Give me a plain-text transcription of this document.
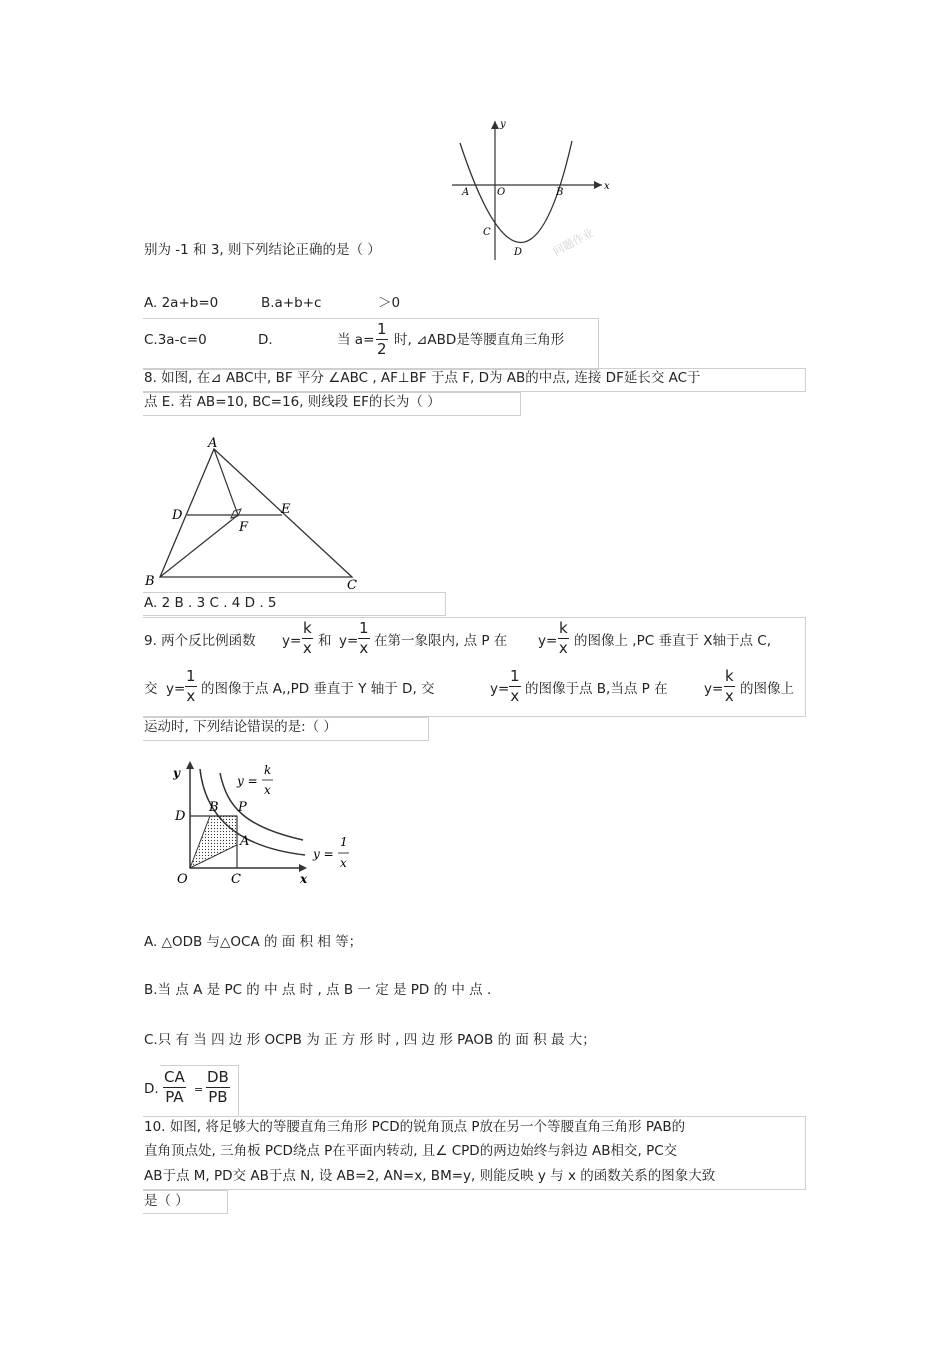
y
x
O
A	B
C
D	问题作业
别为 -1 和 3, 则下列结论正确的是（ ）
A. 2a+b=0	B.a+b+c	＞0
C.3a-c=0	D.	当 $a= \frac{1}{2}$ 时, ⊿ABD是等腰直角三角形
8. 如图, 在⊿ ABC中, BF 平分 ∠ABC , AF⊥BF 于点 F, D为 AB的中点, 连接 DF延长交 AC于
点 E. 若 AB=10, BC=16, 则线段 EF的长为（ ）
A
B	C
D	E
F
A. 2 B . 3 C . 4 D . 5
9. 两个反比例函数 $y= \frac{k}{x}$ 和 $y= \frac{1}{x}$ 在第一象限内, 点 P 在 $y= \frac{k}{x}$ 的图像上 ,PC 垂直于 X轴于点 C,
交 $y= \frac{1}{x}$ 的图像于点 A,,PD 垂直于 Y 轴于 D, 交	$y= \frac{1}{x}$ 的图像于点 B,当点 P 在	$y= \frac{k}{x}$ 的图像上
运动时, 下列结论错误的是:（ ）
y
x
O	C
D
B P
A
y =
k
x
y =
1
x
A. △ODB 与△OCA 的 面 积 相 等；
B.当 点 A 是 PC 的 中 点 时 , 点 B 一 定 是 PD 的 中 点 .
C.只 有 当 四 边 形 OCPB 为 正 方 形 时 , 四 边 形 PAOB 的 面 积 最 大；
D. $\frac{CA}{PA} = \frac{DB}{PB}$
10. 如图, 将足够大的等腰直角三角形 PCD的锐角顶点 P放在另一个等腰直角三角形 PAB的
直角顶点处, 三角板 PCD绕点 P在平面内转动, 且∠ CPD的两边始终与斜边 AB相交, PC交
AB于点 M, PD交 AB于点 N, 设 AB=2, AN=x, BM=y, 则能反映 y 与 x 的函数关系的图象大致
是（ ）
